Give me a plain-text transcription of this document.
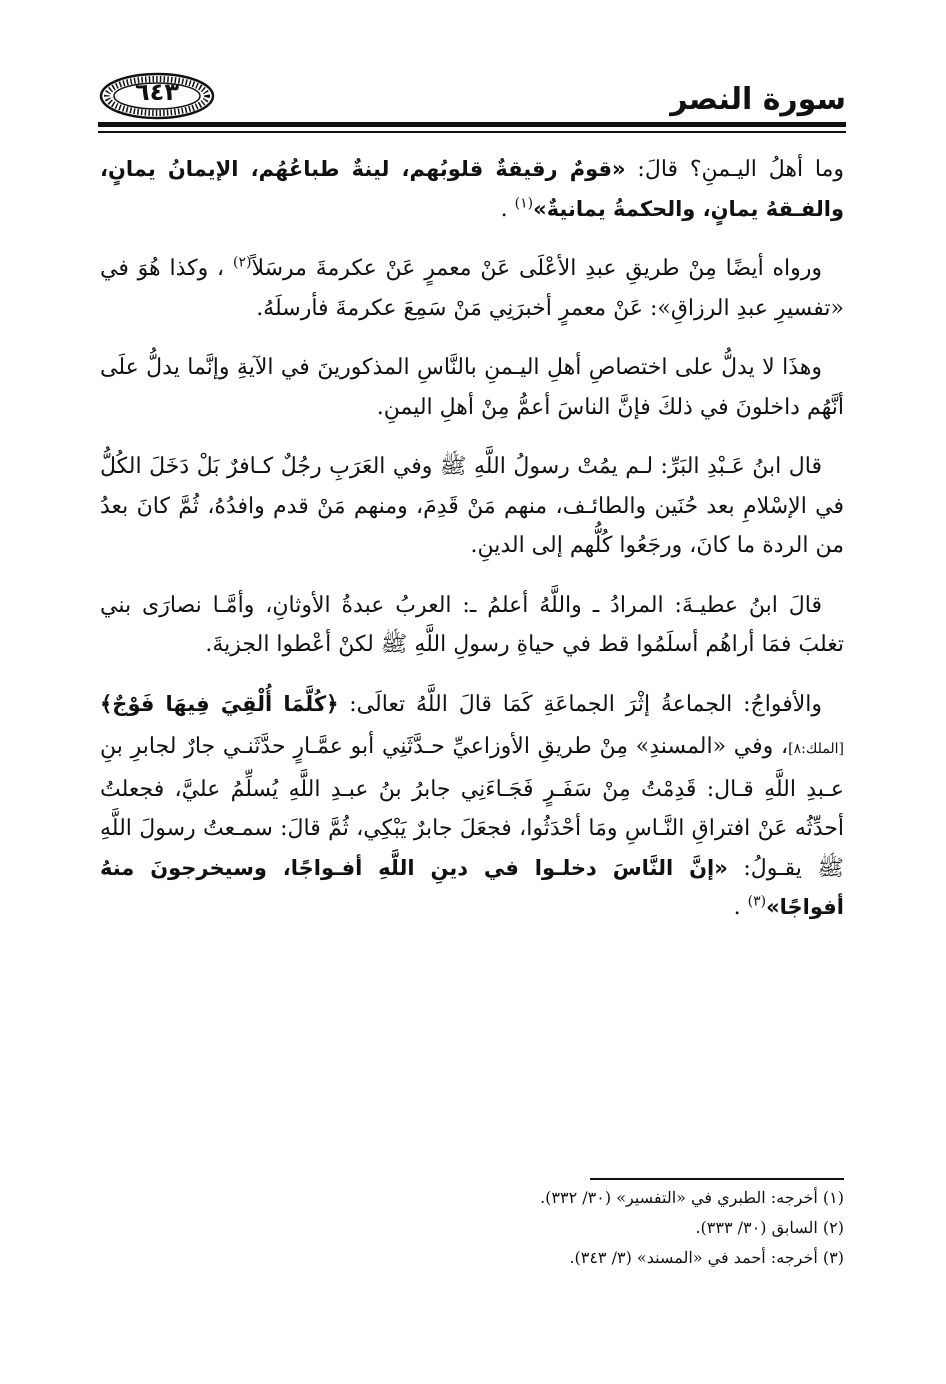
سورة النصر
٦٤٣

وما أهلُ اليـمنِ؟ قالَ: «قومٌ رقيقةٌ قلوبُهم، لينةٌ طباعُهُم، الإيمانُ يمانٍ، والفـقهُ يمانٍ، والحكمةُ يمانيةٌ»$^{(١)}$ .

ورواه أيضًا مِنْ طريقِ عبدِ الأعْلَى عَنْ معمرٍ عَنْ عكرمةَ مرسَلاً$^{(٢)}$ ، وكذا هُوَ في «تفسيرِ عبدِ الرزاقِ»: عَنْ معمرٍ أخبرَنِي مَنْ سَمِعَ عكرمةَ فأرسلَهُ.

وهذَا لا يدلُّ على اختصاصِ أهلِ اليـمنِ بالنَّاسِ المذكورينَ في الآيةِ وإنَّما يدلُّ علَى أنَّهُم داخلونَ في ذلكَ فإنَّ الناسَ أعمُّ مِنْ أهلِ اليمنِ.

قال ابنُ عَـبْدِ البَرِّ: لـم يمُتْ رسولُ اللَّهِ ﷺ وفي العَرَبِ رجُلٌ كـافرٌ بَلْ دَخَلَ الكُلُّ في الإسْلامِ بعد حُنَين والطائـف، منهم مَنْ قَدِمَ، ومنهم مَنْ قدم وافدُهُ، ثُمَّ كانَ بعدُ من الردة ما كانَ، ورجَعُوا كُلُّهم إلى الدينِ.

قالَ ابنُ عطيـةَ: المرادُ ـ واللَّهُ أعلمُ ـ: العربُ عبدةُ الأوثانِ، وأمَّـا نصارَى بني تغلبَ فمَا أراهُم أسلَمُوا قط في حياةِ رسولِ اللَّهِ ﷺ لكنْ أعْطوا الجزيةَ.

والأفواجُ: الجماعةُ إثْرَ الجماعَةِ كَمَا قالَ اللَّهُ تعالَى: ﴿كُلَّمَا أُلْقِيَ فِيهَا فَوْجٌ﴾ [الملك:٨]، وفي «المسندِ» مِنْ طريقِ الأوزاعيِّ حـدَّثَنِي أبو عمَّـارٍ حدَّثَنـي جارٌ لجابرِ بنِ عـبدِ اللَّهِ قـال: قَدِمْتُ مِنْ سَفَـرٍ فَجَـاءَنِي جابرُ بنُ عبـدِ اللَّهِ يُسلِّمُ عليَّ، فجعلتُ أحدِّثُه عَنْ افتراقِ النَّـاسِ ومَا أحْدَثُوا، فجعَلَ جابرٌ يَبْكِي، ثُمَّ قالَ: سمـعتُ رسولَ اللَّهِ ﷺ يقـولُ: «إنَّ النَّاسَ دخلـوا في دينِ اللَّهِ أفـواجًا، وسيخرجونَ منهُ أفواجًا»$^{(٣)}$ .

(١) أخرجه: الطبري في «التفسير» (٣٠/ ٣٣٢).

(٢) السابق (٣٠/ ٣٣٣).

(٣) أخرجه: أحمد في «المسند» (٣/ ٣٤٣).
